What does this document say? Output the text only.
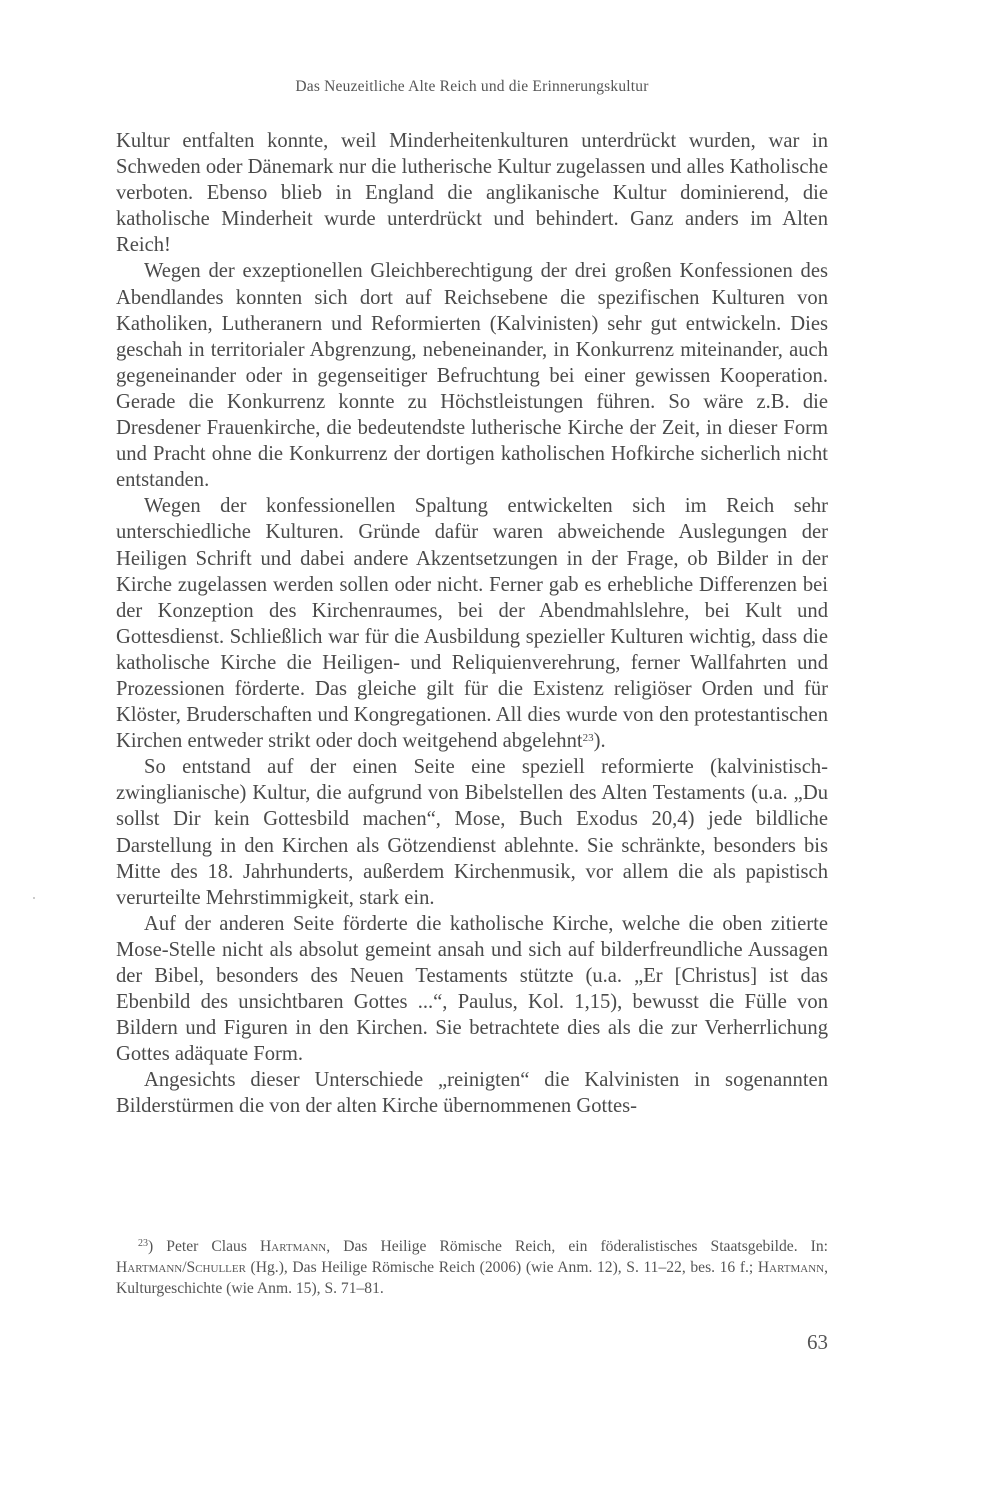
Das Neuzeitliche Alte Reich und die Erinnerungskultur

Kultur entfalten konnte, weil Minderheitenkulturen unterdrückt wurden, war in Schweden oder Dänemark nur die lutherische Kultur zugelassen und alles Katholische verboten. Ebenso blieb in England die anglikanische Kultur dominierend, die katholische Minderheit wurde unterdrückt und behindert. Ganz anders im Alten Reich!

Wegen der exzeptionellen Gleichberechtigung der drei großen Konfessionen des Abendlandes konnten sich dort auf Reichsebene die spezifischen Kulturen von Katholiken, Lutheranern und Reformierten (Kalvinisten) sehr gut entwickeln. Dies geschah in territorialer Abgrenzung, nebeneinander, in Konkurrenz miteinander, auch gegeneinander oder in gegenseitiger Befruchtung bei einer gewissen Kooperation. Gerade die Konkurrenz konnte zu Höchstleistungen führen. So wäre z.B. die Dresdener Frauenkirche, die bedeutendste lutherische Kirche der Zeit, in dieser Form und Pracht ohne die Konkurrenz der dortigen katholischen Hofkirche sicherlich nicht entstanden.

Wegen der konfessionellen Spaltung entwickelten sich im Reich sehr unterschiedliche Kulturen. Gründe dafür waren abweichende Auslegungen der Heiligen Schrift und dabei andere Akzentsetzungen in der Frage, ob Bilder in der Kirche zugelassen werden sollen oder nicht. Ferner gab es erhebliche Differenzen bei der Konzeption des Kirchenraumes, bei der Abendmahlslehre, bei Kult und Gottesdienst. Schließlich war für die Ausbildung spezieller Kulturen wichtig, dass die katholische Kirche die Heiligen- und Reliquienverehrung, ferner Wallfahrten und Prozessionen förderte. Das gleiche gilt für die Existenz religiöser Orden und für Klöster, Bruderschaften und Kongregationen. All dies wurde von den protestantischen Kirchen entweder strikt oder doch weitgehend abgelehnt$^{23}$).

So entstand auf der einen Seite eine speziell reformierte (kalvinistisch-zwinglianische) Kultur, die aufgrund von Bibelstellen des Alten Testaments (u.a. „Du sollst Dir kein Gottesbild machen“, Mose, Buch Exodus 20,4) jede bildliche Darstellung in den Kirchen als Götzendienst ablehnte. Sie schränkte, besonders bis Mitte des 18. Jahrhunderts, außerdem Kirchenmusik, vor allem die als papistisch verurteilte Mehrstimmigkeit, stark ein.

Auf der anderen Seite förderte die katholische Kirche, welche die oben zitierte Mose-Stelle nicht als absolut gemeint ansah und sich auf bilderfreundliche Aussagen der Bibel, besonders des Neuen Testaments stützte (u.a. „Er [Christus] ist das Ebenbild des unsichtbaren Gottes ...“, Paulus, Kol. 1,15), bewusst die Fülle von Bildern und Figuren in den Kirchen. Sie betrachtete dies als die zur Verherrlichung Gottes adäquate Form.

Angesichts dieser Unterschiede „reinigten“ die Kalvinisten in sogenannten Bilderstürmen die von der alten Kirche übernommenen Gottes-

$^{23}$) Peter Claus Hartmann, Das Heilige Römische Reich, ein föderalistisches Staatsgebilde. In: Hartmann/Schuller (Hg.), Das Heilige Römische Reich (2006) (wie Anm. 12), S. 11–22, bes. 16 f.; Hartmann, Kulturgeschichte (wie Anm. 15), S. 71–81.

63
